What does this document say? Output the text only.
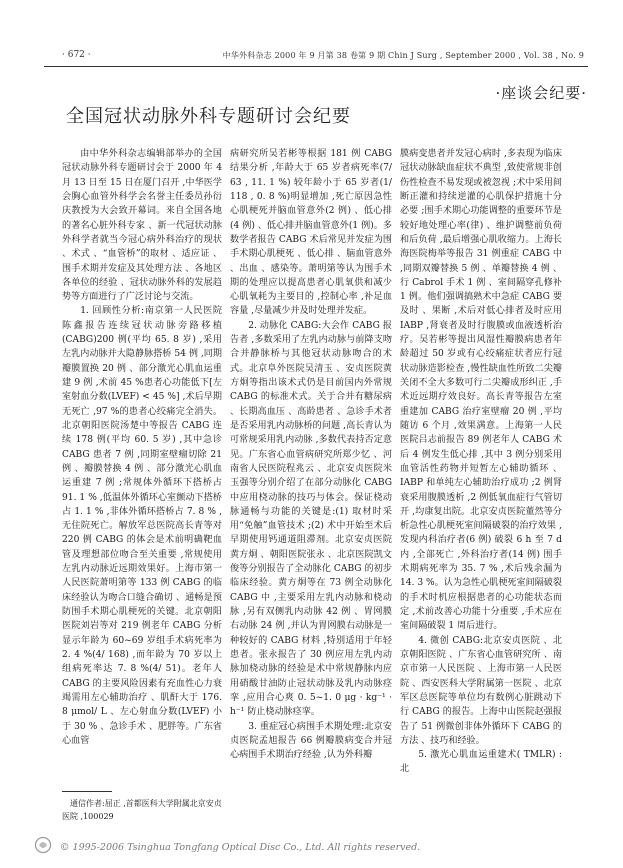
· 672 ·	中华外科杂志 2000 年 9 月第 38 卷第 9 期 Chin J Surg , September 2000 , Vol. 38 , No. 9
·座谈会纪要·
全国冠状动脉外科专题研讨会纪要

由中华外科杂志编辑部举办的全国冠状动脉外科专题研讨会于 2000 年 4 月 13 日至 15 日在厦门召开 ,中华医学会胸心血管外科学会名誉主任委员孙衍庆教授为大会致开幕词。来自全国各地的著名心脏外科专家 、新一代冠状动脉外科学者就当今冠心病外科治疗的现状 、术式 、“血管桥”的取材 、适应证 、围手术期并发症及其处理方法 、各地区各单位的经验 、冠状动脉外科的发展趋势等方面进行了广泛讨论与交流。

1. 回顾性分析:南京第一人民医院陈鑫报告连续冠状动脉旁路移植(CABG)200 例(平均 65. 8 岁) ,采用左乳内动脉并大隐静脉搭桥 54 例 ,同期瓣膜置换 20 例 、部分激光心肌血运重建 9 例 ,术前 45 %患者心功能低下[左室射血分数(LVEF) < 45 %] ,术后早期无死亡 ,97 %的患者心绞痛完全消失。北京朝阳医院汤楚中等报告 CABG 连续 178 例(平均 60. 5 岁) ,其中急诊 CABG 患者 7 例 ,同期室壁瘤切除 21 例 、瓣膜替换 4 例 、部分激光心肌血运重建 7 例 ;常规体外循环下搭桥占 91. 1 % ,低温体外循环心室颤动下搭桥占 1. 1 % ,非体外循环搭桥占 7. 8 % ,无住院死亡。解放军总医院高长青等对 220 例 CABG 的体会是术前明确靶血管及理想部位吻合至关重要 ,常规使用左乳内动脉近远期效果好。上海市第一人民医院萧明第等 133 例 CABG 的临床经验认为吻合口缝合确切 、通畅是预防围手术期心肌梗死的关键。北京朝阳医院刘岩等对 219 例老年 CABG 分析显示年龄为 60~69 岁组手术病死率为 2. 4 %(4/ 168) ,而年龄为 70 岁以上组病死率达 7. 8 %(4/ 51)。老年人 CABG 的主要风险因素有充血性心力衰竭需用左心辅助治疗 、肌酐大于 176. 8 μmol/ L 、左心射血分数(LVEF) 小于 30 % 、急诊手术 、肥胖等。广东省心血管

病研究所吴若彬等根据 181 例 CABG 结果分析 ,年龄大于 65 岁者病死率(7/ 63 , 11. 1 %) 较年龄小于 65 岁者(1/ 118 , 0. 8 %)明显增加 ,死亡原因急性心肌梗死并脑血管意外(2 例) 、低心排(4 例) 、低心排并脑血管意外(1 例)。多数学者报告 CABG 术后常见并发症为围手术期心肌梗死 、低心排 、脑血管意外 、出血 、感染等。萧明第等认为围手术期的处理应以提高患者心肌氧供和减少心肌氧耗为主要目的 ,控制心率 ,补足血容量 ,尽量减少并及时处理并发症。

2. 动脉化 CABG:大会作 CABG 报告者 ,多数采用了左乳内动脉与前降支吻合并静脉桥与其他冠状动脉吻合的术式。北京阜外医院吴清玉 、安贞医院黄方炯等指出该术式仍是目前国内外常规 CABG 的标准术式。关于合并有糖尿病 、长期高血压 、高龄患者 、急诊手术者是否采用乳内动脉桥的问题 ,高长青认为可常规采用乳内动脉 ,多数代表持否定意见。广东省心血管病研究所郑少忆 、河南省人民医院程兆云 、北京安贞医院米玉强等分别介绍了在部分动脉化 CABG 中应用桡动脉的技巧与体会。保证桡动脉通畅与功能的关键是:(1) 取材时采用“免触”血管技术 ;(2) 术中开始至术后早期使用钙通道阻滞剂。北京安贞医院黄方炯 、朝阳医院张永 、北京医院凯文俊等分别报告了全动脉化 CABG 的初步临床经验。黄方炯等在 73 例全动脉化 CABG 中 ,主要采用左乳内动脉和桡动脉 ,另有双侧乳内动脉 42 例 、胃网膜右动脉 24 例 ,并认为胃网膜右动脉是一种较好的 CABG 材料 ,特别适用于年轻患者。张永报告了 30 例应用左乳内动脉加桡动脉的经验是术中常规静脉内应用硝酸甘油防止冠状动脉及乳内动脉痉挛 ,应用合心爽 0. 5~1. 0 μg · kg⁻¹ · h⁻¹ 防止桡动脉痉挛。

3. 重症冠心病围手术期处理:北京安贞医院孟旭报告 66 例瓣膜病变合并冠心病围手术期治疗经验 ,认为外科瓣

膜病变患者并发冠心病时 ,多表现为临床冠状动脉缺血症状不典型 ,致使常规非创伤性检查不易发现或被忽视 ;术中采用间断正灌和持续逆灌的心肌保护措施十分必要 ;围手术期心功能调整的重要环节是较好地处理心率(律) 、维护调整前负荷和后负荷 ,最后增强心肌收缩力。上海长海医院梅举等报告 31 例重症 CABG 中 ,同期双瓣替换 5 例 、单瓣替换 4 例 、行 Cabrol 手术 1 例 、室间隔穿孔修补 1 例。他们强调搞熟术中急症 CABG 要及时 、果断 ,术后对低心排者及时应用 IABP ,肾衰者及时行腹膜或血液透析治疗。吴若彬等提出风湿性瓣膜病患者年龄超过 50 岁或有心绞痛症状者应行冠状动脉造影检查 ,慢性缺血性所致二尖瓣关闭不全大多数可行二尖瓣成形纠正 ,手术近远期疗效良好。高长青等报告左室重建加 CABG 治疗室壁瘤 20 例 ,平均随访 6 个月 ,效果满意。上海第一人民医院吕志前报告 89 例老年人 CABG 术后 4 例发生低心排 ,其中 3 例分别采用血管活性药物并短暂左心辅助循环 、IABP 和单纯左心辅助治疗成功 ;2 例肾衰采用腹膜透析 ,2 例低氧血症行气管切开 ,均康复出院。北京安贞医院董然等分析急性心肌梗死室间隔破裂的治疗效果 ,发现内科治疗者(6 例) 破裂 6 h 至 7 d 内 ,全部死亡 ,外科治疗者(14 例) 围手术期病死率为 35. 7 % ,术后残余漏为 14. 3 %。认为急性心肌梗死室间隔破裂的手术时机应根据患者的心功能状态而定 ,术前改善心功能十分重要 ,手术应在室间隔破裂 1 周后进行。

4. 微创 CABG:北京安贞医院 、北京朝阳医院 、广东省心血管研究所 、南京市第一人民医院 、上海市第一人民医院 、西安医科大学附属第一医院 、北京军区总医院等单位均有数例心脏跳动下行 CABG 的报告。上海中山医院赵强报告了 51 例微创非体外循环下 CABG 的方法 、技巧和经验。

5. 激光心肌血运重建术( TMLR) :北

通信作者:屈正 ,首都医科大学附属北京安贞医院 ,100029

© 1995-2006 Tsinghua Tongfang Optical Disc Co., Ltd. All rights reserved.
